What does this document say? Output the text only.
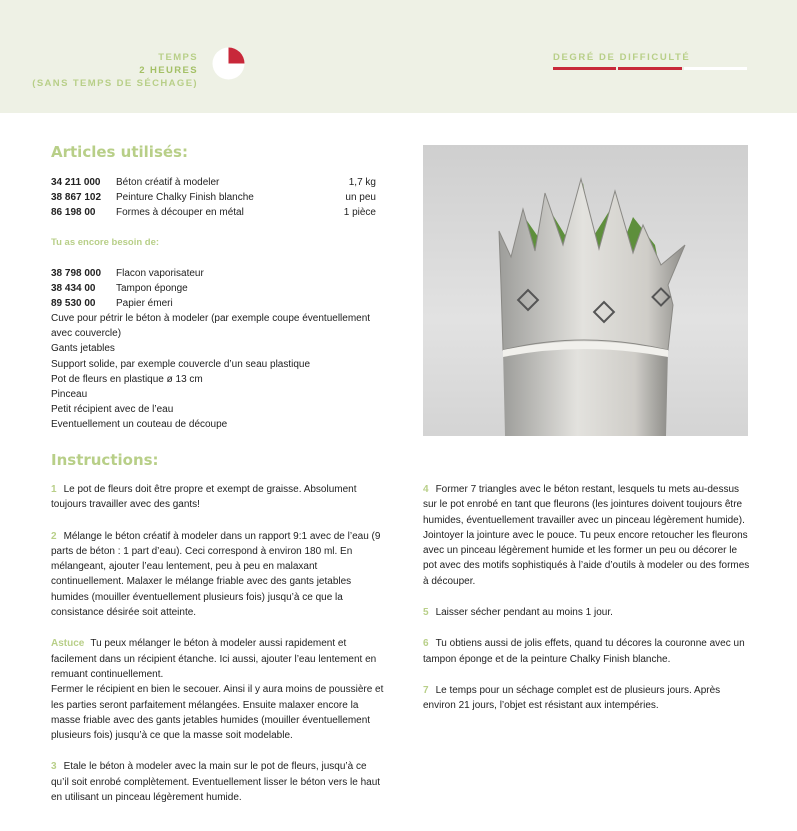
TEMPS
2 HEURES
(SANS TEMPS DE SÉCHAGE)
DEGRÉ DE DIFFICULTÉ
Articles utilisés:
34 211 000 Béton créatif à modeler	1,7 kg
38 867 102 Peinture Chalky Finish blanche	un peu
86 198 00 Formes à découper en métal	1 pièce
Tu as encore besoin de:
38 798 000 Flacon vaporisateur
38 434 00 Tampon éponge
89 530 00 Papier émeri
Cuve pour pétrir le béton à modeler (par exemple coupe éventuellement avec couvercle)
Gants jetables
Support solide, par exemple couvercle d’un seau plastique
Pot de fleurs en plastique ø 13 cm
Pinceau
Petit récipient avec de l’eau
Eventuellement un couteau de découpe
Instructions:

1 Le pot de fleurs doit être propre et exempt de graisse. Absolument toujours travailler avec des gants!

2 Mélange le béton créatif à modeler dans un rapport 9:1 avec de l’eau (9 parts de béton : 1 part d’eau). Ceci correspond à environ 180 ml. En mélangeant, ajouter l’eau lentement, peu à peu en malaxant continuellement. Malaxer le mélange friable avec des gants jetables humides (mouiller éventuellement plusieurs fois) jusqu’à ce que la consistance désirée soit atteinte.

Astuce Tu peux mélanger le béton à modeler aussi rapidement et facilement dans un récipient étanche. Ici aussi, ajouter l’eau lentement en remuant continuellement.

Fermer le récipient en bien le secouer. Ainsi il y aura moins de poussière et les parties seront parfaitement mélangées. Ensuite malaxer encore la masse friable avec des gants jetables humides (mouiller éventuellement plusieurs fois) jusqu’à ce que la masse soit modelable.

3 Etale le béton à modeler avec la main sur le pot de fleurs, jusqu’à ce qu’il soit enrobé complètement. Eventuellement lisser le béton vers le haut en utilisant un pinceau légèrement humide.

4 Former 7 triangles avec le béton restant, lesquels tu mets au-dessus sur le pot enrobé en tant que fleurons (les jointures doivent toujours être humides, éventuellement travailler avec un pinceau légèrement humide). Jointoyer la jointure avec le pouce. Tu peux encore retoucher les fleurons avec un pinceau légèrement humide et les former un peu ou décorer le pot avec des motifs sophistiqués à l’aide d’outils à modeler ou des formes à découper.

5 Laisser sécher pendant au moins 1 jour.

6 Tu obtiens aussi de jolis effets, quand tu décores la couronne avec un tampon éponge et de la peinture Chalky Finish blanche.

7 Le temps pour un séchage complet est de plusieurs jours. Après environ 21 jours, l’objet est résistant aux intempéries.
